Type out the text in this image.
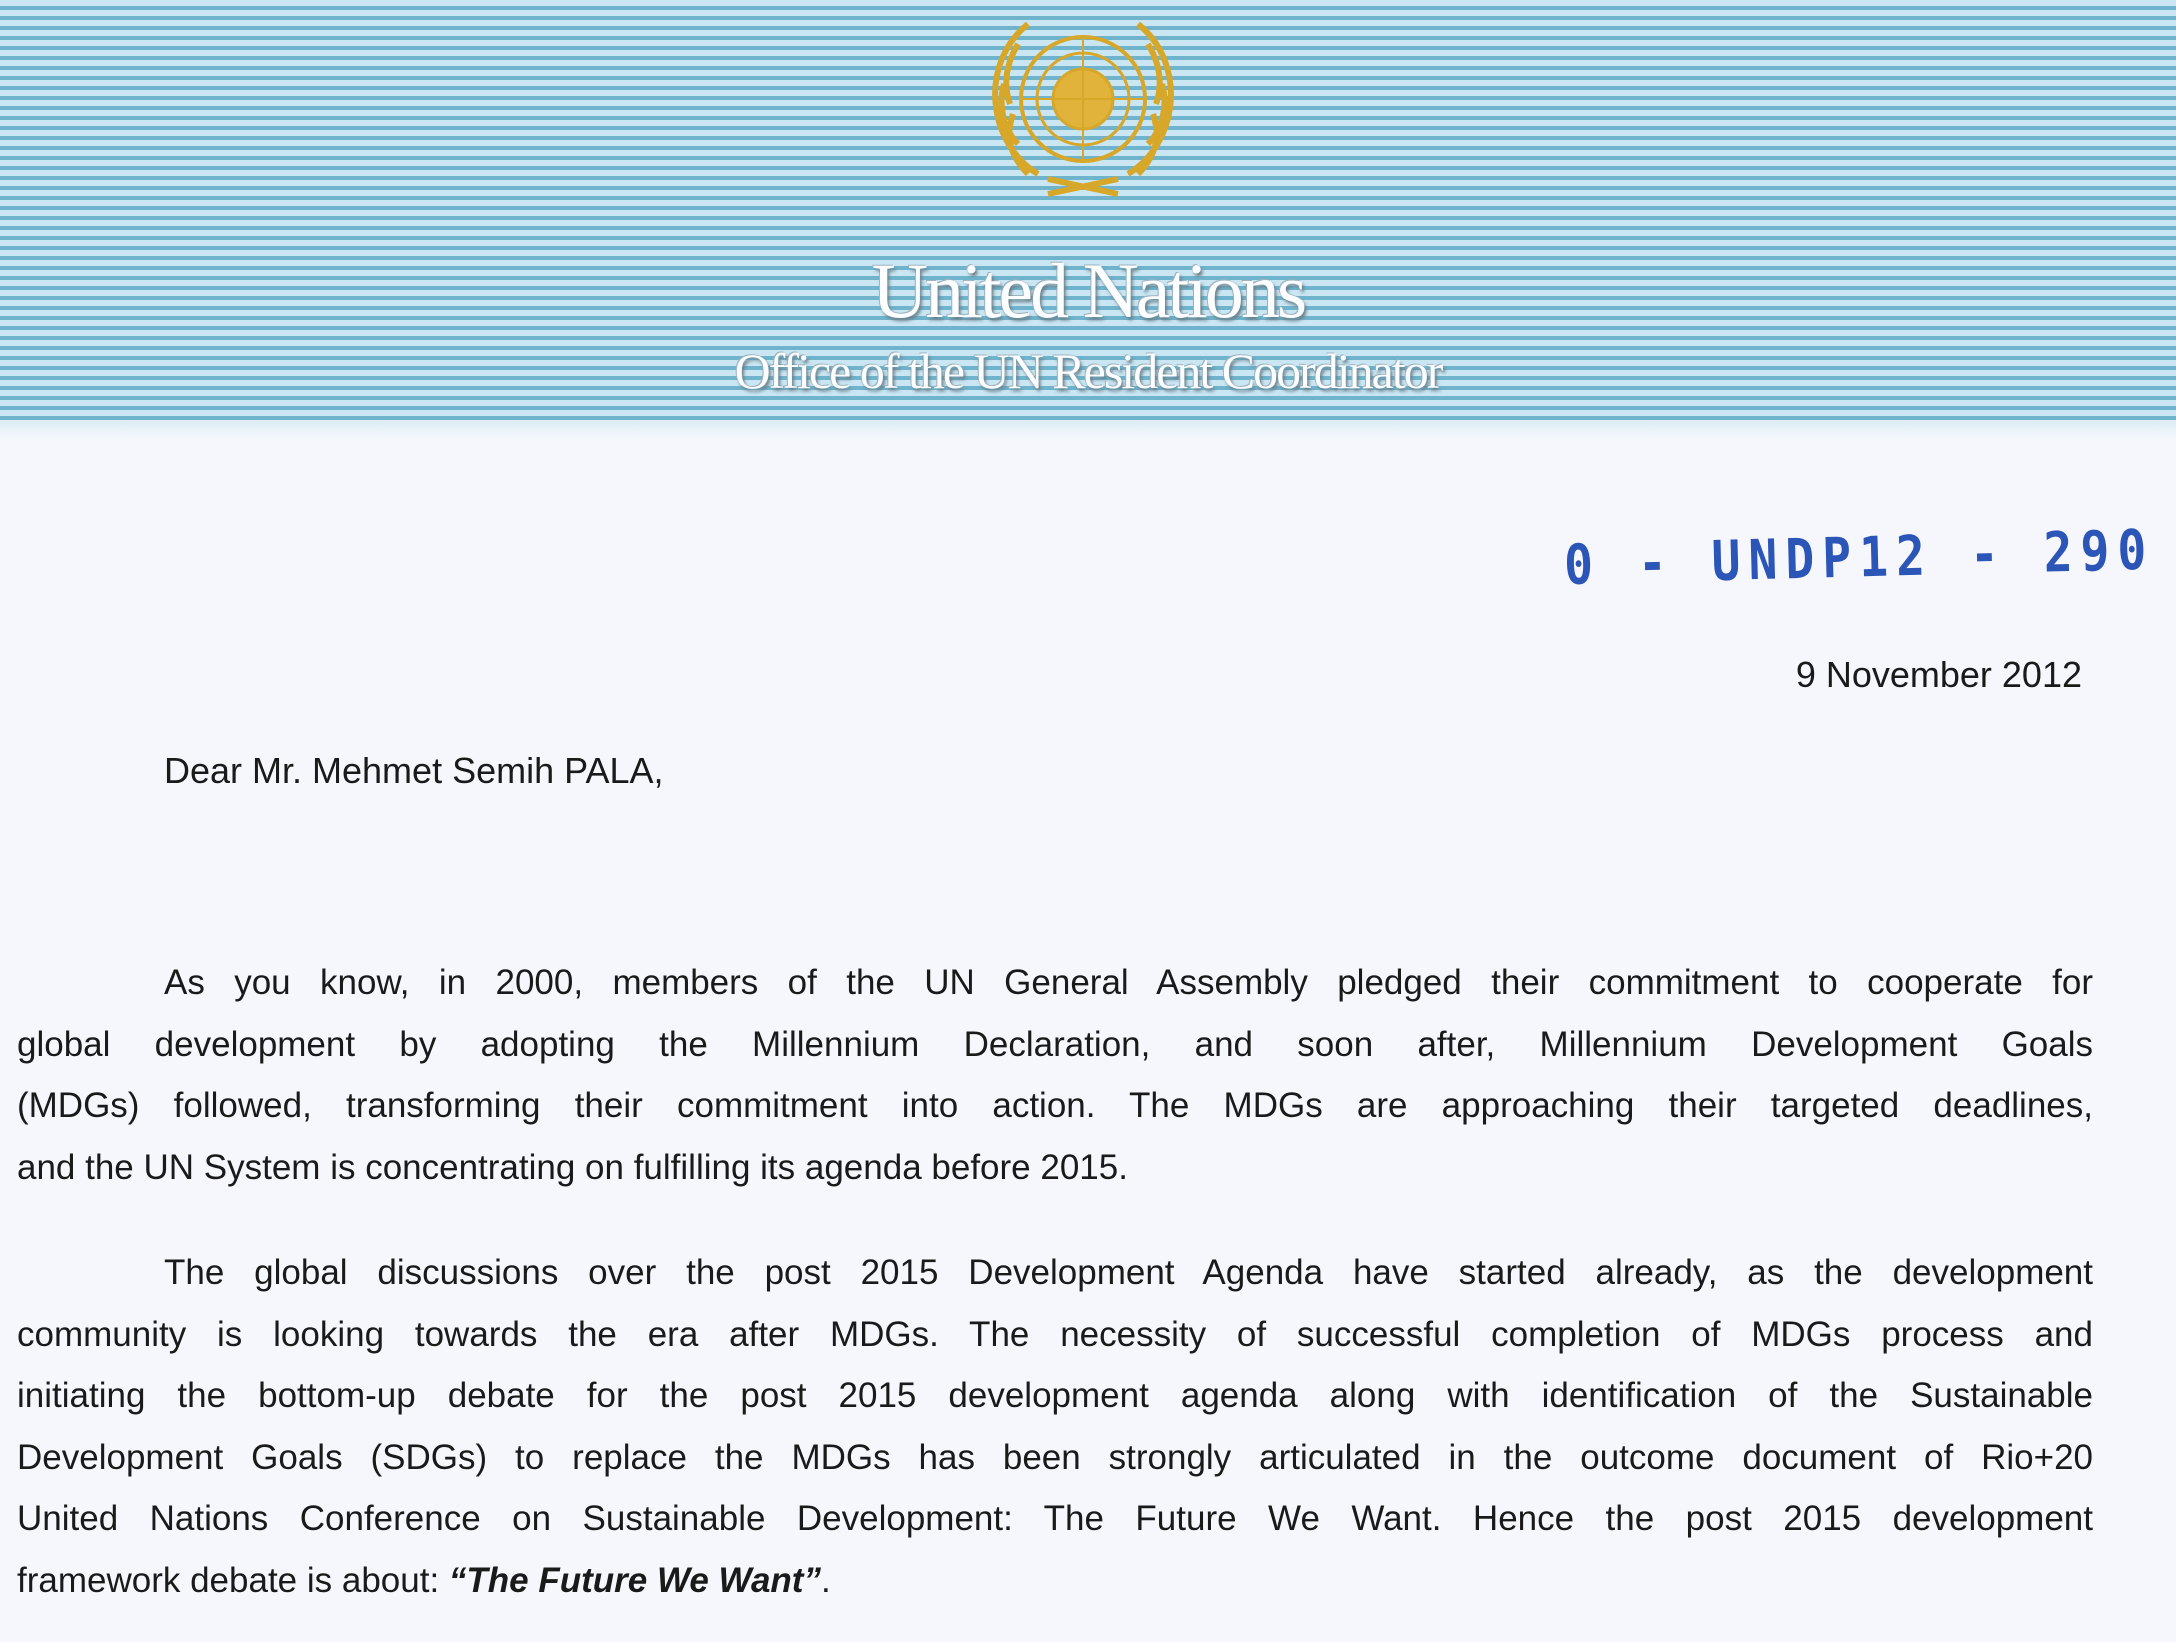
United Nations
Office of the UN Resident Coordinator
0 - UNDP12 - 290
9 November 2012
Dear Mr. Mehmet Semih PALA,
As you know, in 2000, members of the UN General Assembly pledged their commitment to cooperate for
global development by adopting the Millennium Declaration, and soon after, Millennium Development Goals
(MDGs) followed, transforming their commitment into action. The MDGs are approaching their targeted deadlines,
and the UN System is concentrating on fulfilling its agenda before 2015.
The global discussions over the post 2015 Development Agenda have started already, as the development
community is looking towards the era after MDGs. The necessity of successful completion of MDGs process and
initiating the bottom-up debate for the post 2015 development agenda along with identification of the Sustainable
Development Goals (SDGs) to replace the MDGs has been strongly articulated in the outcome document of Rio+20
United Nations Conference on Sustainable Development: The Future We Want. Hence the post 2015 development
framework debate is about: “The Future We Want”.
